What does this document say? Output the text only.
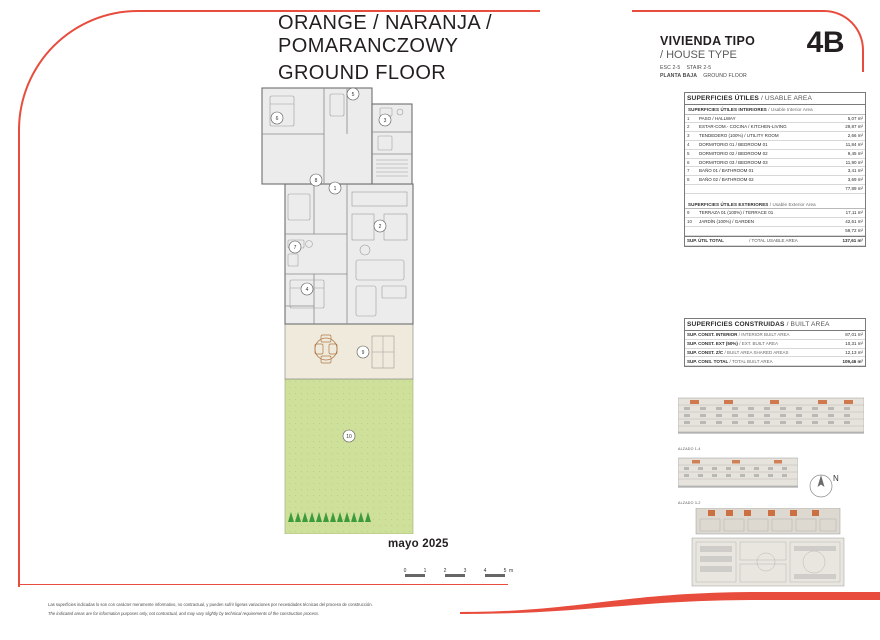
ORANGE / NARANJA / POMARANCZOWY
GROUND FLOOR
VIVIENDA TIPO
/ HOUSE TYPE
ESC 2-5 STAIR 2-5
PLANTA BAJA GROUND FLOOR
4B
SUPERFICIES ÚTILES / USABLE AREA
SUPERFICIES ÚTILES INTERIORES / Usable Interior Area
1	PASO / HALLWAY	5,07 m²
2	ESTAR-COM.- COCINA / KITCHEN-LIVING	29,87 m²
3	TENDEDERO (100%) / UTILITY ROOM	2,66 m²
4	DORMITORIO 01 / BEDROOM 01	11,84 m²
5	DORMITORIO 02 / BEDROOM 02	9,45 m²
6	DORMITORIO 03 / BEDROOM 03	11,90 m²
7	BAÑO 01 / BATHROOM 01	3,41 m²
8	BAÑO 02 / BATHROOM 02	3,69 m²
		77,89 m²
SUPERFICIES ÚTILES EXTERIORES / Usable Exterior Area
9	TERRAZA 01 (100%) / TERRACE 01	17,11 m²
10	JARDÍN (100%) / GARDEN	42,61 m²
		59,72 m²
SUP. ÚTIL TOTAL	/ TOTAL USABLE AREA	137,61 m²
SUPERFICIES CONSTRUIDAS / BUILT AREA
SUP. CONST. INTERIOR / INTERIOR BUILT AREA	87,01 m²
SUP. CONST. EXT (50%) / EXT. BUILT AREA	10,31 m²
SUP. CONST. Z/C / BUILT AREA SHARED AREAS	12,13 m²
SUP. CONS. TOTAL / TOTAL BUILT AREA	109,46 m²
1
2
3
4
5
6
7
8
9
10
mayo 2025
0	1	2	3	4	5 m
ALZADO 1-4
ALZADO 3-2
N
Las superficies indicadas lo son con carácter meramente informativo, no contractual, y pueden sufrir ligeras variaciones por necesidades técnicas del proceso de construcción.
The indicated areas are for information purposes only, not contractual, and may vary slightly by technical requirements of the construction process.
